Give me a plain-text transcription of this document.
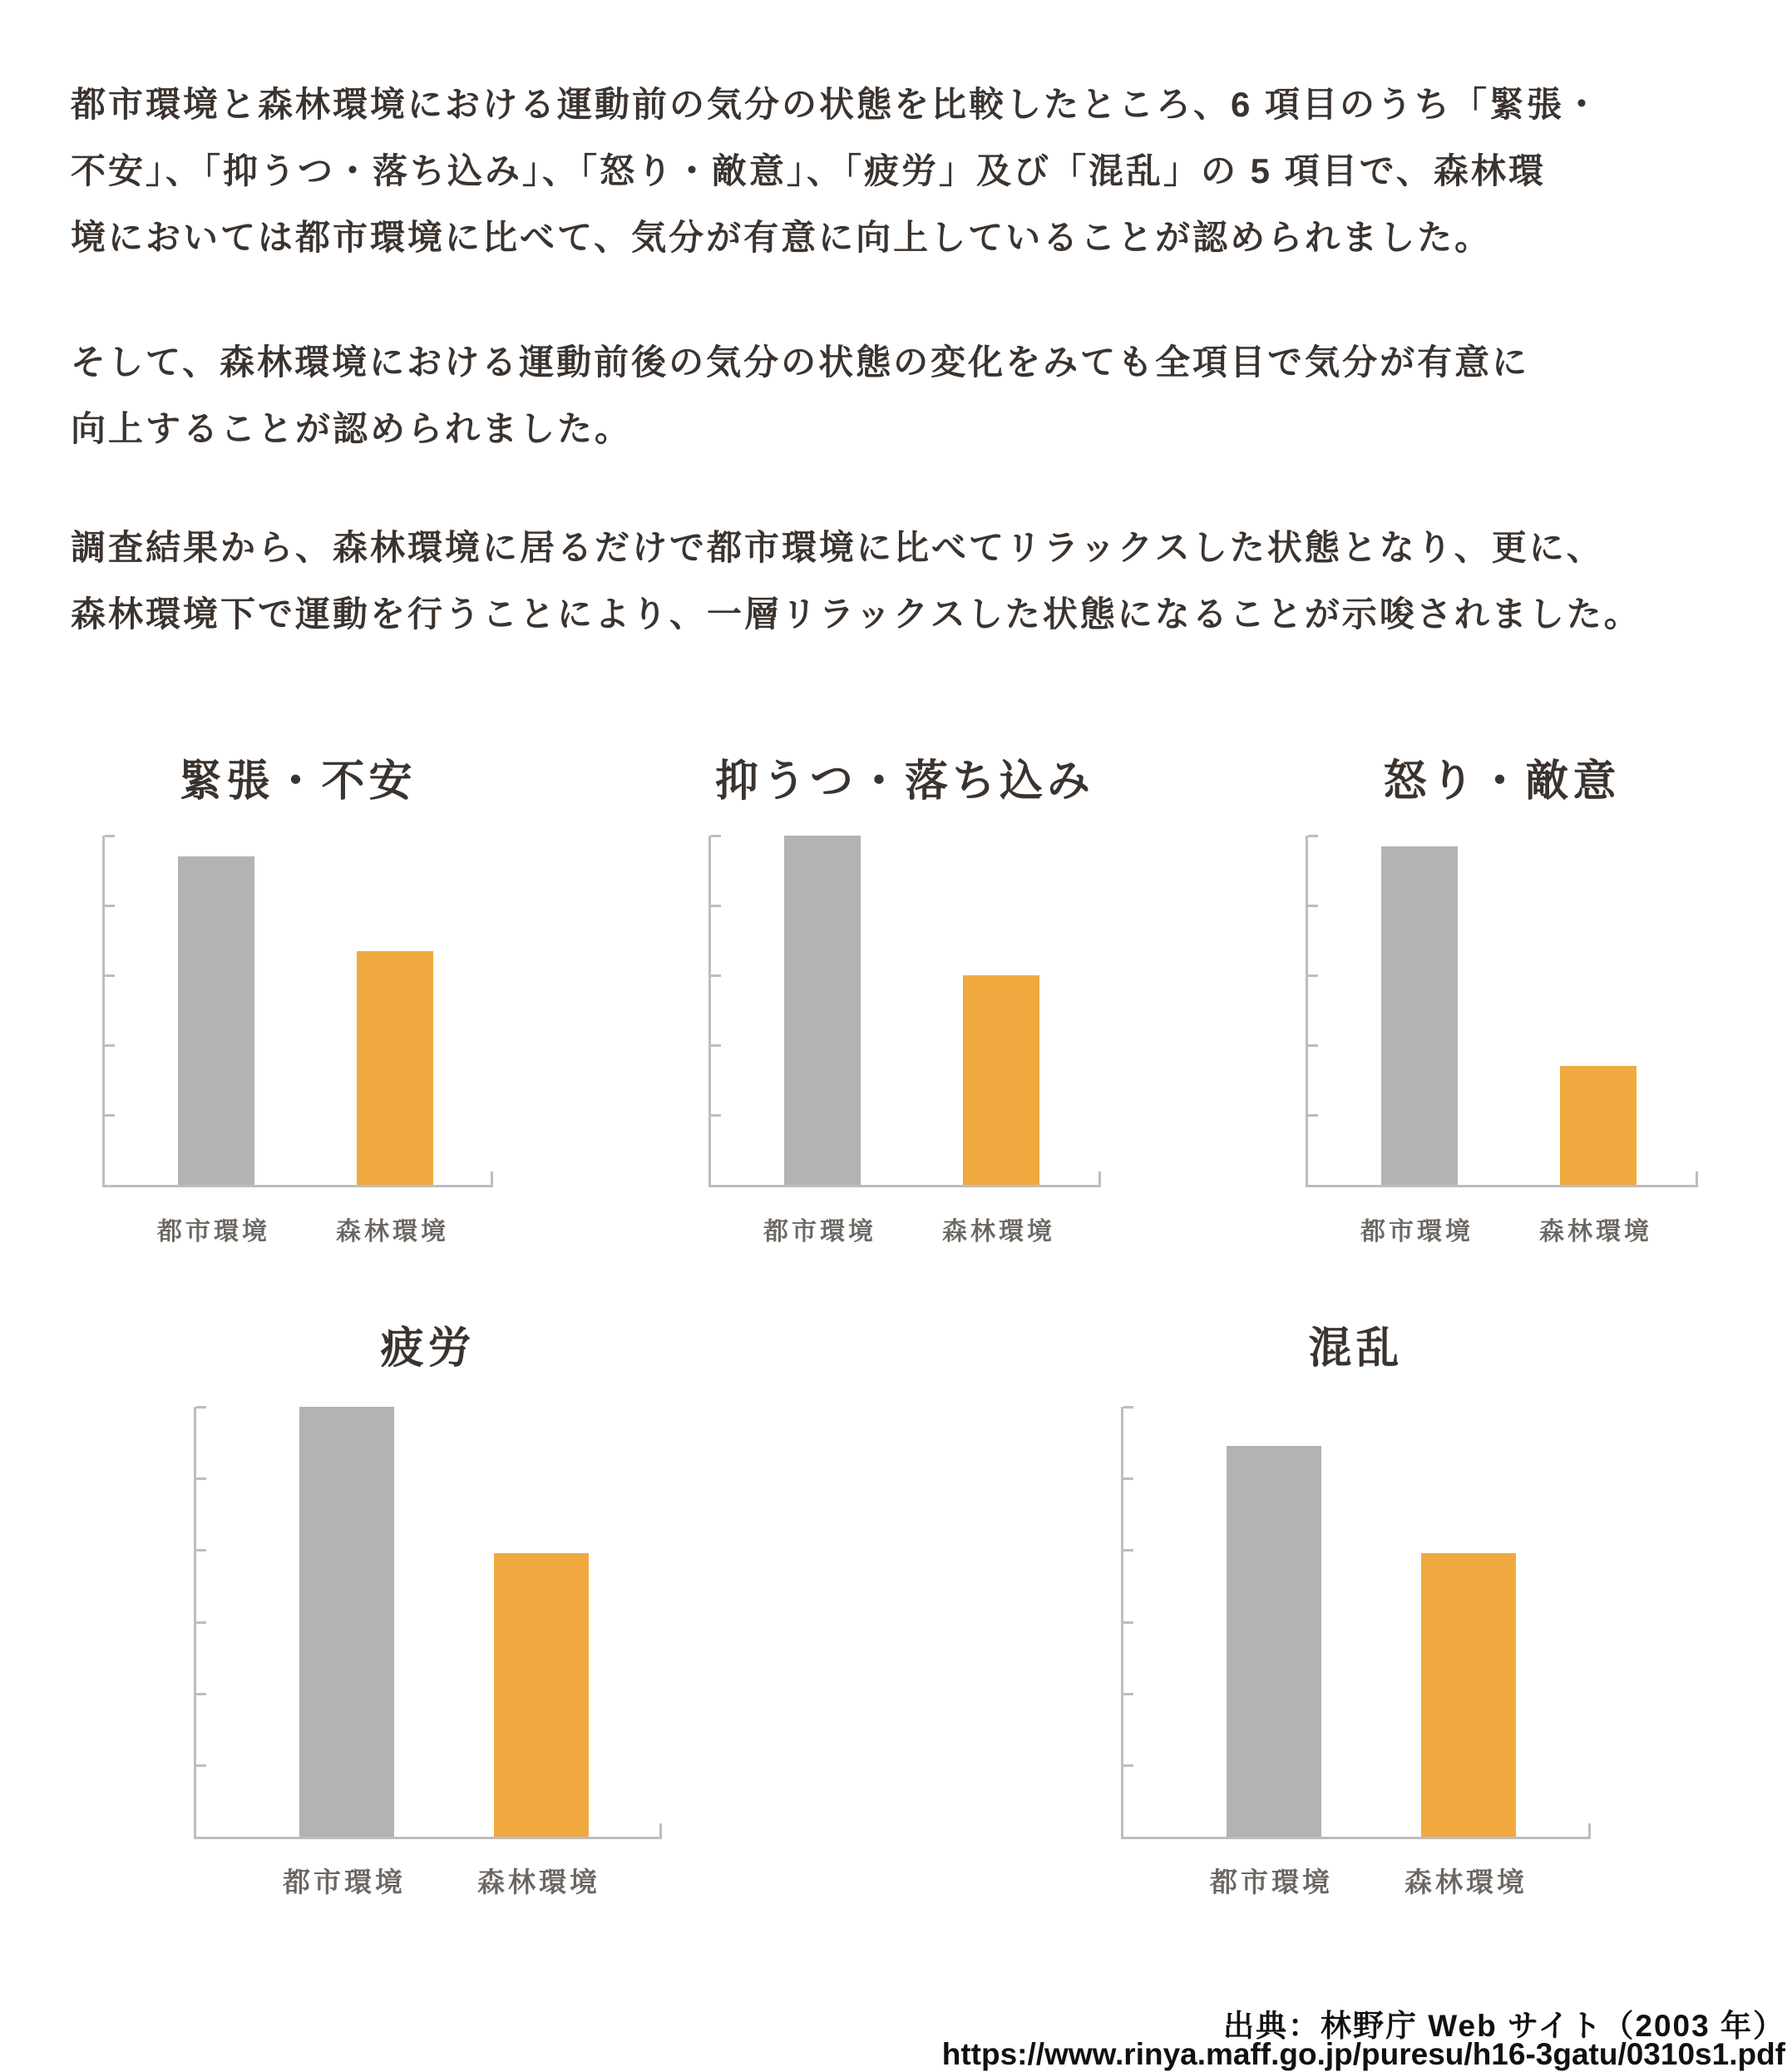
都市環境と森林環境における運動前の気分の状態を比較したところ、6 項目のうち「緊張・
不安」、「抑うつ・落ち込み」、「怒り・敵意」、「疲労」及び「混乱」の 5 項目で、森林環
境においては都市環境に比べて、気分が有意に向上していることが認められました。
そして、森林環境における運動前後の気分の状態の変化をみても全項目で気分が有意に
向上することが認められました。
調査結果から、森林環境に居るだけで都市環境に比べてリラックスした状態となり、更に、
森林環境下で運動を行うことにより、一層リラックスした状態になることが示唆されました。
緊張・不安
都市環境	森林環境
抑うつ・落ち込み
都市環境	森林環境
怒り・敵意
都市環境	森林環境
疲労
都市環境	森林環境
混乱
都市環境	森林環境
出典：林野庁 Web サイト（2003 年）
https://www.rinya.maff.go.jp/puresu/h16-3gatu/0310s1.pdf
